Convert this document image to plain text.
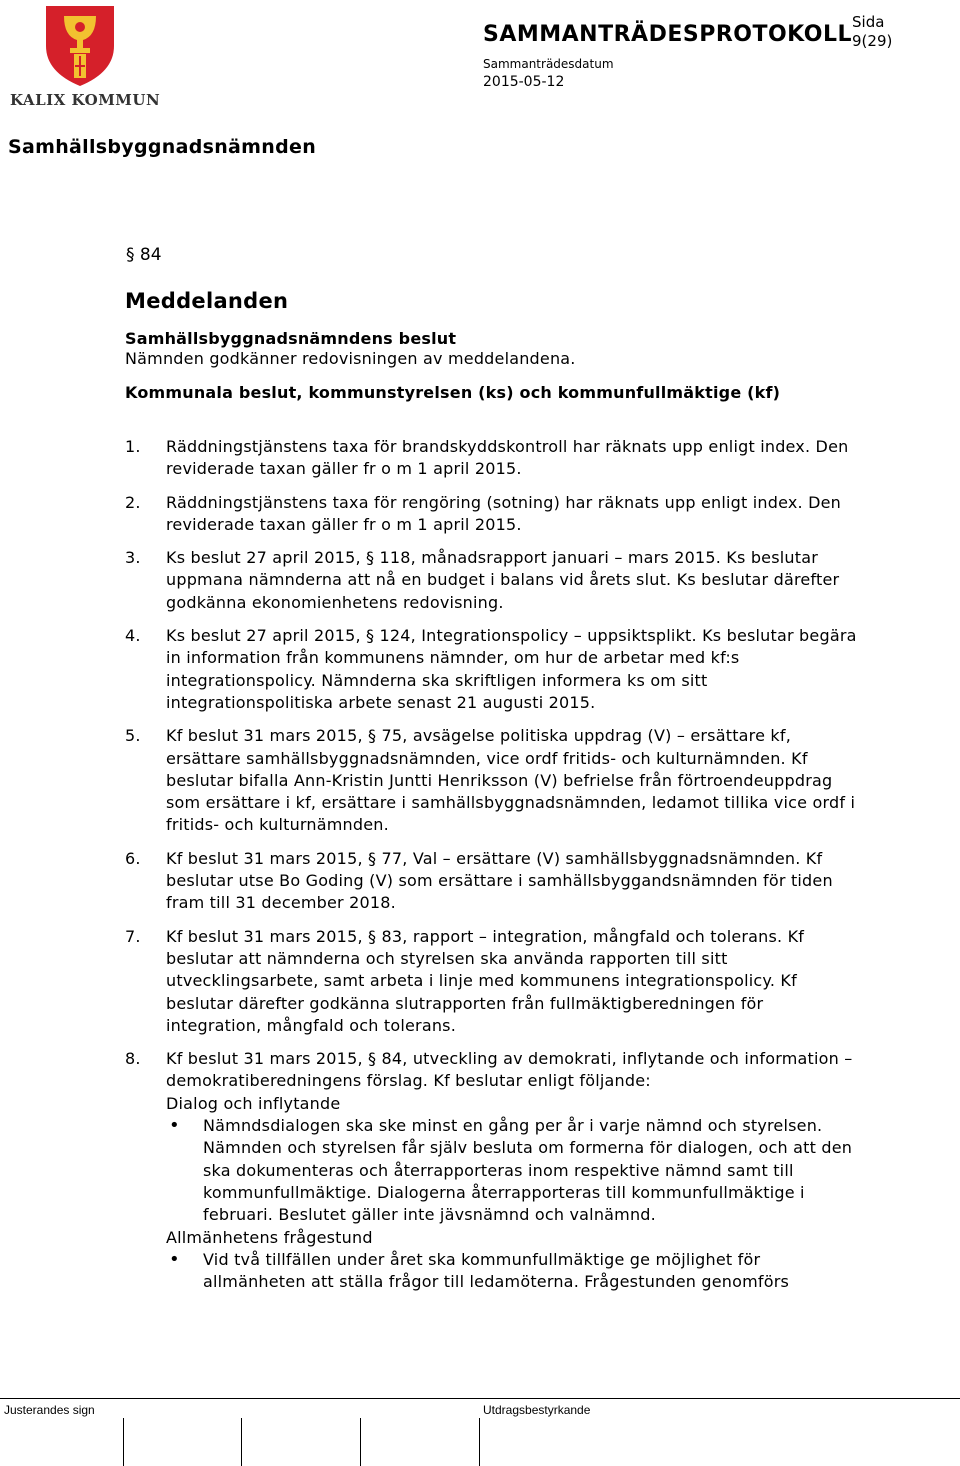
KALIX KOMMUN
SAMMANTRÄDESPROTOKOLL Sida
9(29)
Sammanträdesdatum
2015-05-12
Samhällsbyggnadsnämnden
§ 84
Meddelanden
Samhällsbyggnadsnämndens beslut
Nämnden godkänner redovisningen av meddelandena.
Kommunala beslut, kommunstyrelsen (ks) och kommunfullmäktige (kf)
1. Räddningstjänstens taxa för brandskyddskontroll har räknats upp enligt index. Den reviderade taxan gäller fr o m 1 april 2015.
2. Räddningstjänstens taxa för rengöring (sotning) har räknats upp enligt index. Den reviderade taxan gäller fr o m 1 april 2015.
3. Ks beslut 27 april 2015, § 118, månadsrapport januari – mars 2015. Ks beslutar uppmana nämnderna att nå en budget i balans vid årets slut. Ks beslutar därefter godkänna ekonomienhetens redovisning.
4. Ks beslut 27 april 2015, § 124, Integrationspolicy – uppsiktsplikt. Ks beslutar begära in information från kommunens nämnder, om hur de arbetar med kf:s integrationspolicy. Nämnderna ska skriftligen informera ks om sitt integrationspolitiska arbete senast 21 augusti 2015.
5. Kf beslut 31 mars 2015, § 75, avsägelse politiska uppdrag (V) – ersättare kf, ersättare samhällsbyggnadsnämnden, vice ordf fritids- och kulturnämnden. Kf beslutar bifalla Ann-Kristin Juntti Henriksson (V) befrielse från förtroendeuppdrag som ersättare i kf, ersättare i samhällsbyggnadsnämnden, ledamot tillika vice ordf i fritids- och kulturnämnden.
6. Kf beslut 31 mars 2015, § 77, Val – ersättare (V) samhällsbyggnadsnämnden. Kf beslutar utse Bo Goding (V) som ersättare i samhällsbyggandsnämnden för tiden fram till 31 december 2018.
7. Kf beslut 31 mars 2015, § 83, rapport – integration, mångfald och tolerans. Kf beslutar att nämnderna och styrelsen ska använda rapporten till sitt utvecklingsarbete, samt arbeta i linje med kommunens integrationspolicy. Kf beslutar därefter godkänna slutrapporten från fullmäktigberedningen för integration, mångfald och tolerans.
8. Kf beslut 31 mars 2015, § 84, utveckling av demokrati, inflytande och information – demokratiberedningens förslag. Kf beslutar enligt följande:
Dialog och inflytande
• Nämndsdialogen ska ske minst en gång per år i varje nämnd och styrelsen. Nämnden och styrelsen får själv besluta om formerna för dialogen, och att den ska dokumenteras och återrapporteras inom respektive nämnd samt till kommunfullmäktige. Dialogerna återrapporteras till kommunfullmäktige i februari. Beslutet gäller inte jävsnämnd och valnämnd.
Allmänhetens frågestund
• Vid två tillfällen under året ska kommunfullmäktige ge möjlighet för allmänheten att ställa frågor till ledamöterna. Frågestunden genomförs
Justerandes sign	Utdragsbestyrkande
